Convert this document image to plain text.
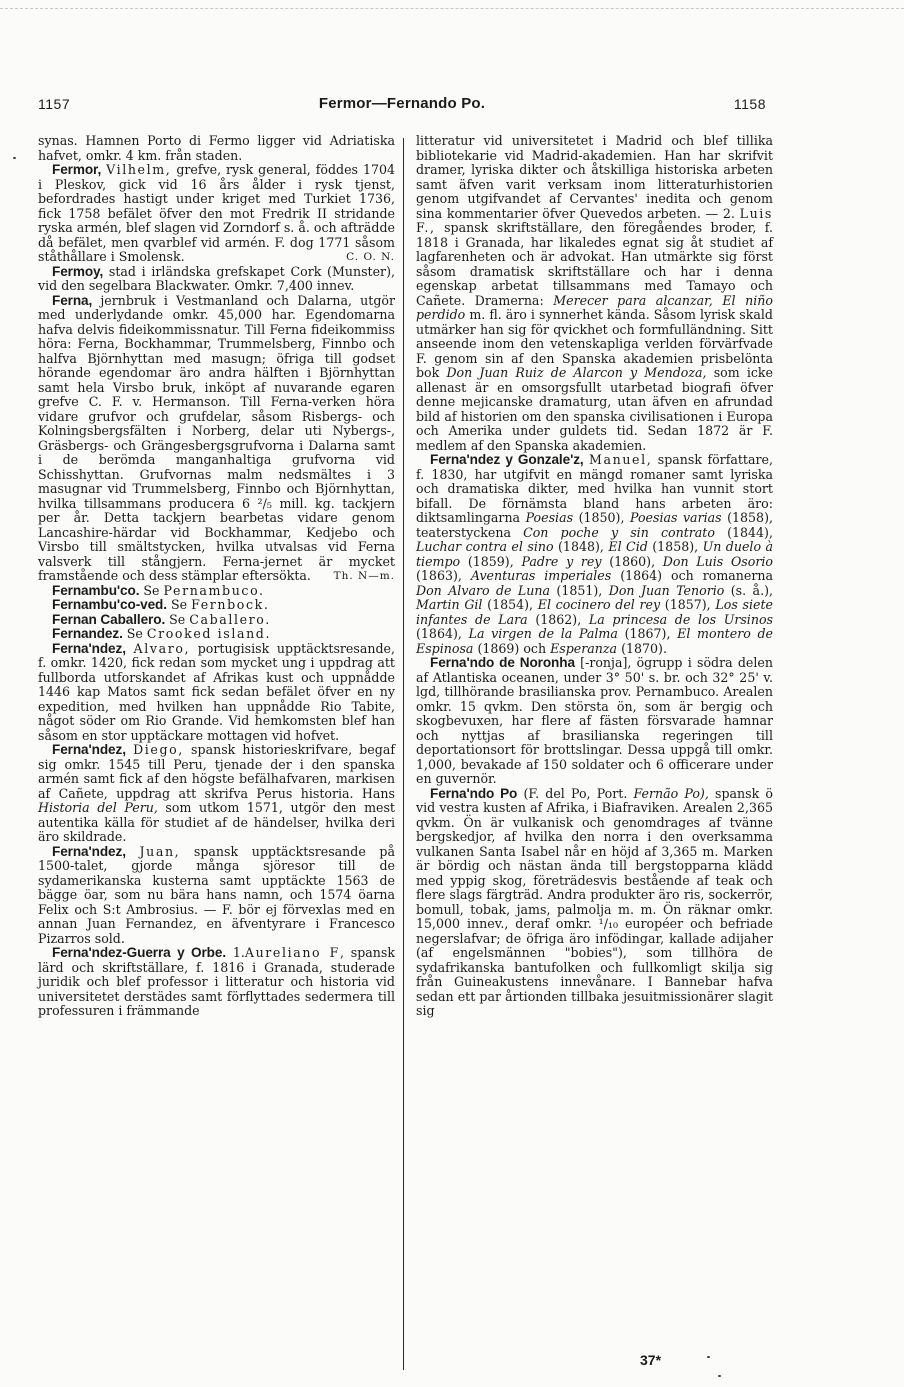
1157	Fermor—Fernando Po.	1158

synas. Hamnen Porto di Fermo ligger vid Adriatiska hafvet, omkr. 4 km. från staden.

Fermor, Vilhelm, grefve, rysk general, föddes 1704 i Pleskov, gick vid 16 års ålder i rysk tjenst, befordrades hastigt under kriget med Turkiet 1736, fick 1758 befälet öfver den mot Fredrik II stridande ryska armén, blef slagen vid Zorndorf s. å. och afträdde då befälet, men qvarblef vid armén. F. dog 1771 såsom ståthållare i Smolensk.	C. O. N.

Fermoy, stad i irländska grefskapet Cork (Munster), vid den segelbara Blackwater. Omkr. 7,400 innev.

Ferna, jernbruk i Vestmanland och Dalarna, utgör med underlydande omkr. 45,000 har. Egendomarna hafva delvis fideikommissnatur. Till Ferna fideikommiss höra: Ferna, Bockhammar, Trummelsberg, Finnbo och halfva Björnhyttan med masugn; öfriga till godset hörande egendomar äro andra hälften i Björnhyttan samt hela Virsbo bruk, inköpt af nuvarande egaren grefve C. F. v. Hermanson. Till Ferna-verken höra vidare grufvor och grufdelar, såsom Risbergs- och Kolningsbergsfälten i Norberg, delar uti Nybergs-, Gräsbergs- och Grängesbergsgrufvorna i Dalarna samt i de berömda manganhaltiga grufvorna vid Schisshyttan. Grufvornas malm nedsmältes i 3 masugnar vid Trummelsberg, Finnbo och Björnhyttan, hvilka tillsammans producera 6 ²/₅ mill. kg. tackjern per år. Detta tackjern bearbetas vidare genom Lancashire-härdar vid Bockhammar, Kedjebo och Virsbo till smältstycken, hvilka utvalsas vid Ferna valsverk till stångjern. Ferna-jernet är mycket framstående och dess stämplar eftersökta.	Th. N—m.

Fernambu'co. Se Pernambuco.

Fernambu'co-ved. Se Fernbock.

Fernan Caballero. Se Caballero.

Fernandez. Se Crooked island.

Ferna'ndez, Alvaro, portugisisk upptäcktsresande, f. omkr. 1420, fick redan som mycket ung i uppdrag att fullborda utforskandet af Afrikas kust och uppnådde 1446 kap Matos samt fick sedan befälet öfver en ny expedition, med hvilken han uppnådde Rio Tabite, något söder om Rio Grande. Vid hemkomsten blef han såsom en stor upptäckare mottagen vid hofvet.

Ferna'ndez, Diego, spansk historieskrifvare, begaf sig omkr. 1545 till Peru, tjenade der i den spanska armén samt fick af den högste befälhafvaren, markisen af Cañete, uppdrag att skrifva Perus historia. Hans Historia del Peru, som utkom 1571, utgör den mest autentika källa för studiet af de händelser, hvilka deri äro skildrade.

Ferna'ndez, Juan, spansk upptäcktsresande på 1500-talet, gjorde många sjöresor till de sydamerikanska kusterna samt upptäckte 1563 de bägge öar, som nu bära hans namn, och 1574 öarna Felix och S:t Ambrosius. — F. bör ej förvexlas med en annan Juan Fernandez, en äfventyrare i Francesco Pizarros sold.

Ferna'ndez-Guerra y Orbe. 1.Aureliano F, spansk lärd och skriftställare, f. 1816 i Granada, studerade juridik och blef professor i litteratur och historia vid universitetet derstädes samt förflyttades sedermera till professuren i främmande

litteratur vid universitetet i Madrid och blef tillika bibliotekarie vid Madrid-akademien. Han har skrifvit dramer, lyriska dikter och åtskilliga historiska arbeten samt äfven varit verksam inom litteraturhistorien genom utgifvandet af Cervantes' inedita och genom sina kommentarier öfver Quevedos arbeten. — 2. Luis F., spansk skriftställare, den föregåendes broder, f. 1818 i Granada, har likaledes egnat sig åt studiet af lagfarenheten och är advokat. Han utmärkte sig först såsom dramatisk skriftställare och har i denna egenskap arbetat tillsammans med Tamayo och Cañete. Dramerna: Merecer para alcanzar, El niño perdido m. fl. äro i synnerhet kända. Såsom lyrisk skald utmärker han sig för qvickhet och formfulländning. Sitt anseende inom den vetenskapliga verlden förvärfvade F. genom sin af den Spanska akademien prisbelönta bok Don Juan Ruiz de Alarcon y Mendoza, som icke allenast är en omsorgsfullt utarbetad biografi öfver denne mejicanske dramaturg, utan äfven en afrundad bild af historien om den spanska civilisationen i Europa och Amerika under guldets tid. Sedan 1872 är F. medlem af den Spanska akademien.

Ferna'ndez y Gonzale'z, Manuel, spansk författare, f. 1830, har utgifvit en mängd romaner samt lyriska och dramatiska dikter, med hvilka han vunnit stort bifall. De förnämsta bland hans arbeten äro: diktsamlingarna Poesias (1850), Poesias varias (1858), teaterstyckena Con poche y sin contrato (1844), Luchar contra el sino (1848), El Cid (1858), Un duelo à tiempo (1859), Padre y rey (1860), Don Luis Osorio (1863), Aventuras imperiales (1864) och romanerna Don Alvaro de Luna (1851), Don Juan Tenorio (s. å.), Martin Gil (1854), El cocinero del rey (1857), Los siete infantes de Lara (1862), La princesa de los Ursinos (1864), La virgen de la Palma (1867), El montero de Espinosa (1869) och Esperanza (1870).

Ferna'ndo de Noronha [-ronja], ögrupp i södra delen af Atlantiska oceanen, under 3° 50' s. br. och 32° 25' v. lgd, tillhörande brasilianska prov. Pernambuco. Arealen omkr. 15 qvkm. Den största ön, som är bergig och skogbevuxen, har flere af fästen försvarade hamnar och nyttjas af brasilianska regeringen till deportationsort för brottslingar. Dessa uppgå till omkr. 1,000, bevakade af 150 soldater och 6 officerare under en guvernör.

Ferna'ndo Po (F. del Po, Port. Fernão Po), spansk ö vid vestra kusten af Afrika, i Biafraviken. Arealen 2,365 qvkm. Ön är vulkanisk och genomdrages af tvänne bergskedjor, af hvilka den norra i den overksamma vulkanen Santa Isabel når en höjd af 3,365 m. Marken är bördig och nästan ända till bergstopparna klädd med yppig skog, företrädesvis bestående af teak och flere slags färgträd. Andra produkter äro ris, sockerrör, bomull, tobak, jams, palmolja m. m. Ön räknar omkr. 15,000 innev., deraf omkr. ¹/₁₀ européer och befriade negerslafvar; de öfriga äro infödingar, kallade adijaher (af engelsmännen "bobies"), som tillhöra de sydafrikanska bantufolken och fullkomligt skilja sig från Guineakustens innevånare. I Bannebar hafva sedan ett par årtionden tillbaka jesuitmissionärer slagit sig

37*
